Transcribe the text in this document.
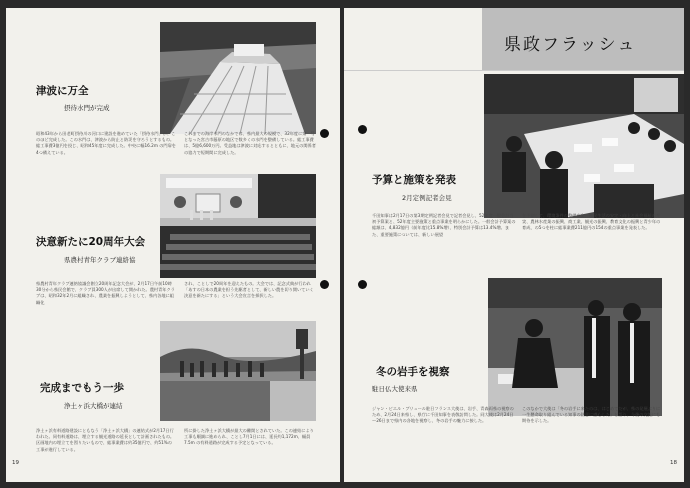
津波に万全
摂待水門が完成
昭和43年から田老町摂待川の河口に建設を進めていた「摂待水門」が、このほど完成した。この水門は、津波から防止と防災を守ろうとするもの。総工事費3億円を投じ、昭和45年度に完成した。中央に幅16.2m の門扉を4つ備えている。
これまでの海岸水門のなかでは、県内最大の規模で、32年度に第一号となった宮古市藤原の地区で数多くの水門を整備している。総工事費は、5億6,600万円。受益地は津波に対応するとともに、地元の関係者の協力で短期間に完成した。
決意新たに20周年大会
県農村青年クラブ連絡協
県農村青年クラブ連絡協議会創立20周年記念大会が、2月17日午前10時30分から県民会館で、クラブ員300人が出席して開かれた。農村青年クラブは、昭和32年2月に組織され、農業を振興しようとして、県内各地に組織化
され、ことしで20周年を迎えたもの。大会では、記念式典が行われ「あすの日本の農業を担う先駆者として、新しい農を切り開いていく決意を新たにする」という大会宣言を採択した。
完成までもう一歩
浄土ヶ浜大橋が連結
浄土ヶ浜有料道路建設にともなう「浄土ヶ浜大橋」の連結式が2月17日行われた。同有料道路は、埋立する観光道路の延長として計画されたもの。区画地内の埋立てを図りたいもので、総事業費は約35億円で、約51%の工事が進行している。
所に掛した浄土ヶ浜大橋が最大の難関とされていた。この連結により工事も順調に進められ、ことし7月1日には、延長約1,172m、幅員7.5m の有料道路が完成する予定となっている。
19
県政フラッシュ
予算と施策を発表
2月定例記者会見
千田知事は2月17日の第3期定例記者会見で記者会見し、52年度一般会計当初予算案と、52年度主要施策と重点事業を明らかにした。一般会計予算案の総額は、4,832億円（前年度比15.8%増）、特別会計予算は13.4%増。また、重要施策については、新しい展望
を予測して、環境条件の整備充実、県民生活の安定・向上と社会福祉の充実、農林水産業の振興、商工業、観光の振興、教育文化の振興と青少年の育成、の5つを柱に総事業費211億円の154の重点事業を発表した。
冬の岩手を視察
駐日仏大使来県
ジャン・ピエル・ブリュール駐日フランス大使は、岩手、青森両県の視察のため、2月24日来県し、県庁に千田知事を表敬訪問した。同大使は2月24日～26日まで県内の各地を視察し、冬の岩手の魅力に接した。
このなかで大使は「冬の岩手に来たのは、はじめてだが、県の発展ぶりに一生懸命取り組んでいる知事の熱意に感心した」と語り、今後の交流にも期待を示した。
18
